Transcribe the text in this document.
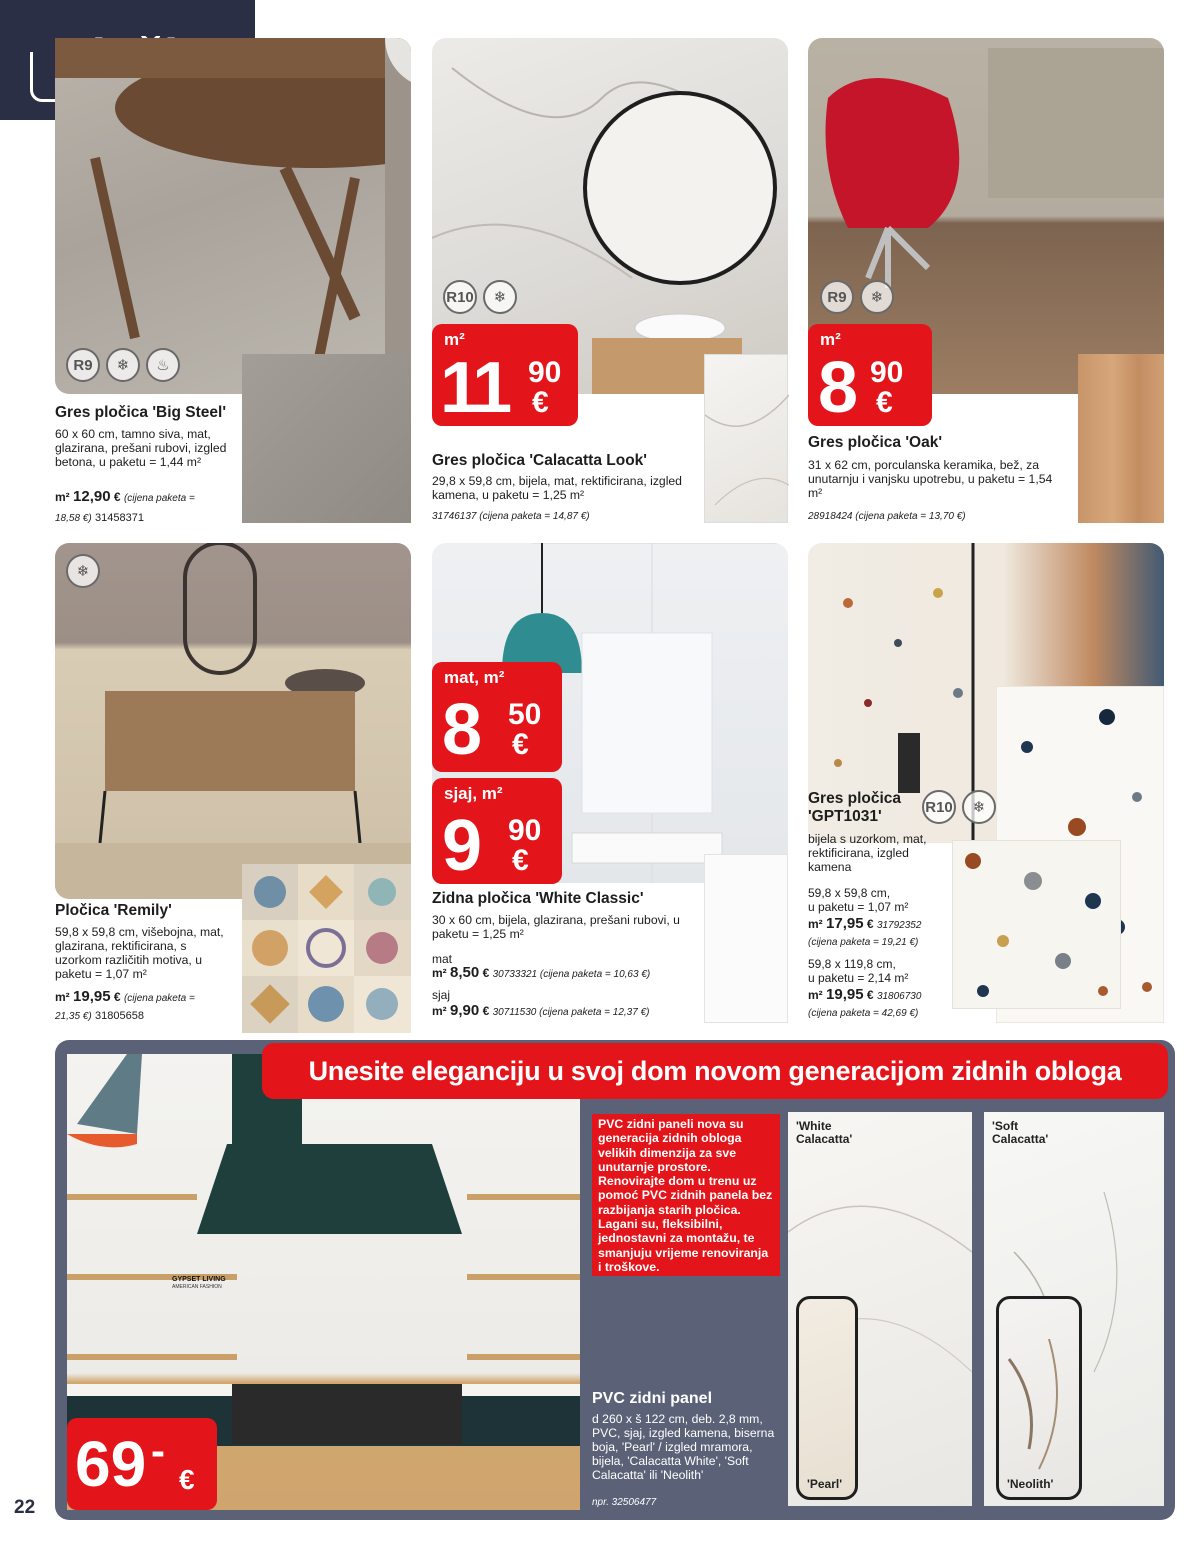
R9	❄	♨
Gres pločica 'Big Steel'
60 x 60 cm, tamno siva, mat, glazirana, prešani rubovi, izgled betona, u paketu = 1,44 m²
m² 12,90 € (cijena paketa =
18,58 €) 31458371
R10	❄
m²
11 90
€
Gres pločica 'Calacatta Look'
29,8 x 59,8 cm, bijela, mat, rektificirana, izgled kamena, u paketu = 1,25 m²
31746137 (cijena paketa = 14,87 €)
R9	❄
m²
8 90
€
Gres pločica 'Oak'
31 x 62 cm, porculanska keramika, bež, za unutarnju i vanjsku upotrebu, u paketu = 1,54 m²
28918424 (cijena paketa = 13,70 €)
❄
Pločica 'Remily'
59,8 x 59,8 cm, višebojna, mat, glazirana, rektificirana, s uzorkom različitih motiva, u paketu = 1,07 m²
m² 19,95 € (cijena paketa =
21,35 €) 31805658
mat, m²
8 50
€
sjaj, m²
9 90
€
Zidna pločica 'White Classic'
30 x 60 cm, bijela, glazirana, prešani rubovi, u paketu = 1,25 m²
mat
m² 8,50 € 30733321 (cijena paketa = 10,63 €)
sjaj
m² 9,90 € 30711530 (cijena paketa = 12,37 €)
R10	❄
Gres pločica
'GPT1031'
bijela s uzorkom, mat, rektificirana, izgled kamena
59,8 x 59,8 cm,
u paketu = 1,07 m²
m² 17,95 € 31792352
(cijena paketa = 19,21 €)
59,8 x 119,8 cm,
u paketu = 2,14 m²
m² 19,95 € 31806730
(cijena paketa = 42,69 €)
GYPSET LIVING
AMERICAN FASHION
Unesite eleganciju u svoj dom novom generacijom zidnih obloga
PVC zidni paneli nova su generacija zidnih obloga velikih dimenzija za sve unutarnje prostore. Renovirajte dom u trenu uz pomoć PVC zidnih panela bez razbijanja starih pločica. Lagani su, fleksibilni, jednostavni za montažu, te smanjuju vrijeme renoviranja i troškove.
'White Calacatta'
'Pearl'
'Soft Calacatta'
'Neolith'
PVC zidni panel
d 260 x š 122 cm, deb. 2,8 mm, PVC, sjaj, izgled kamena, biserna boja, 'Pearl' / izgled mramora, bijela, 'Calacatta White', 'Soft Calacatta' ili 'Neolith'
npr. 32506477
69 -
€
22
